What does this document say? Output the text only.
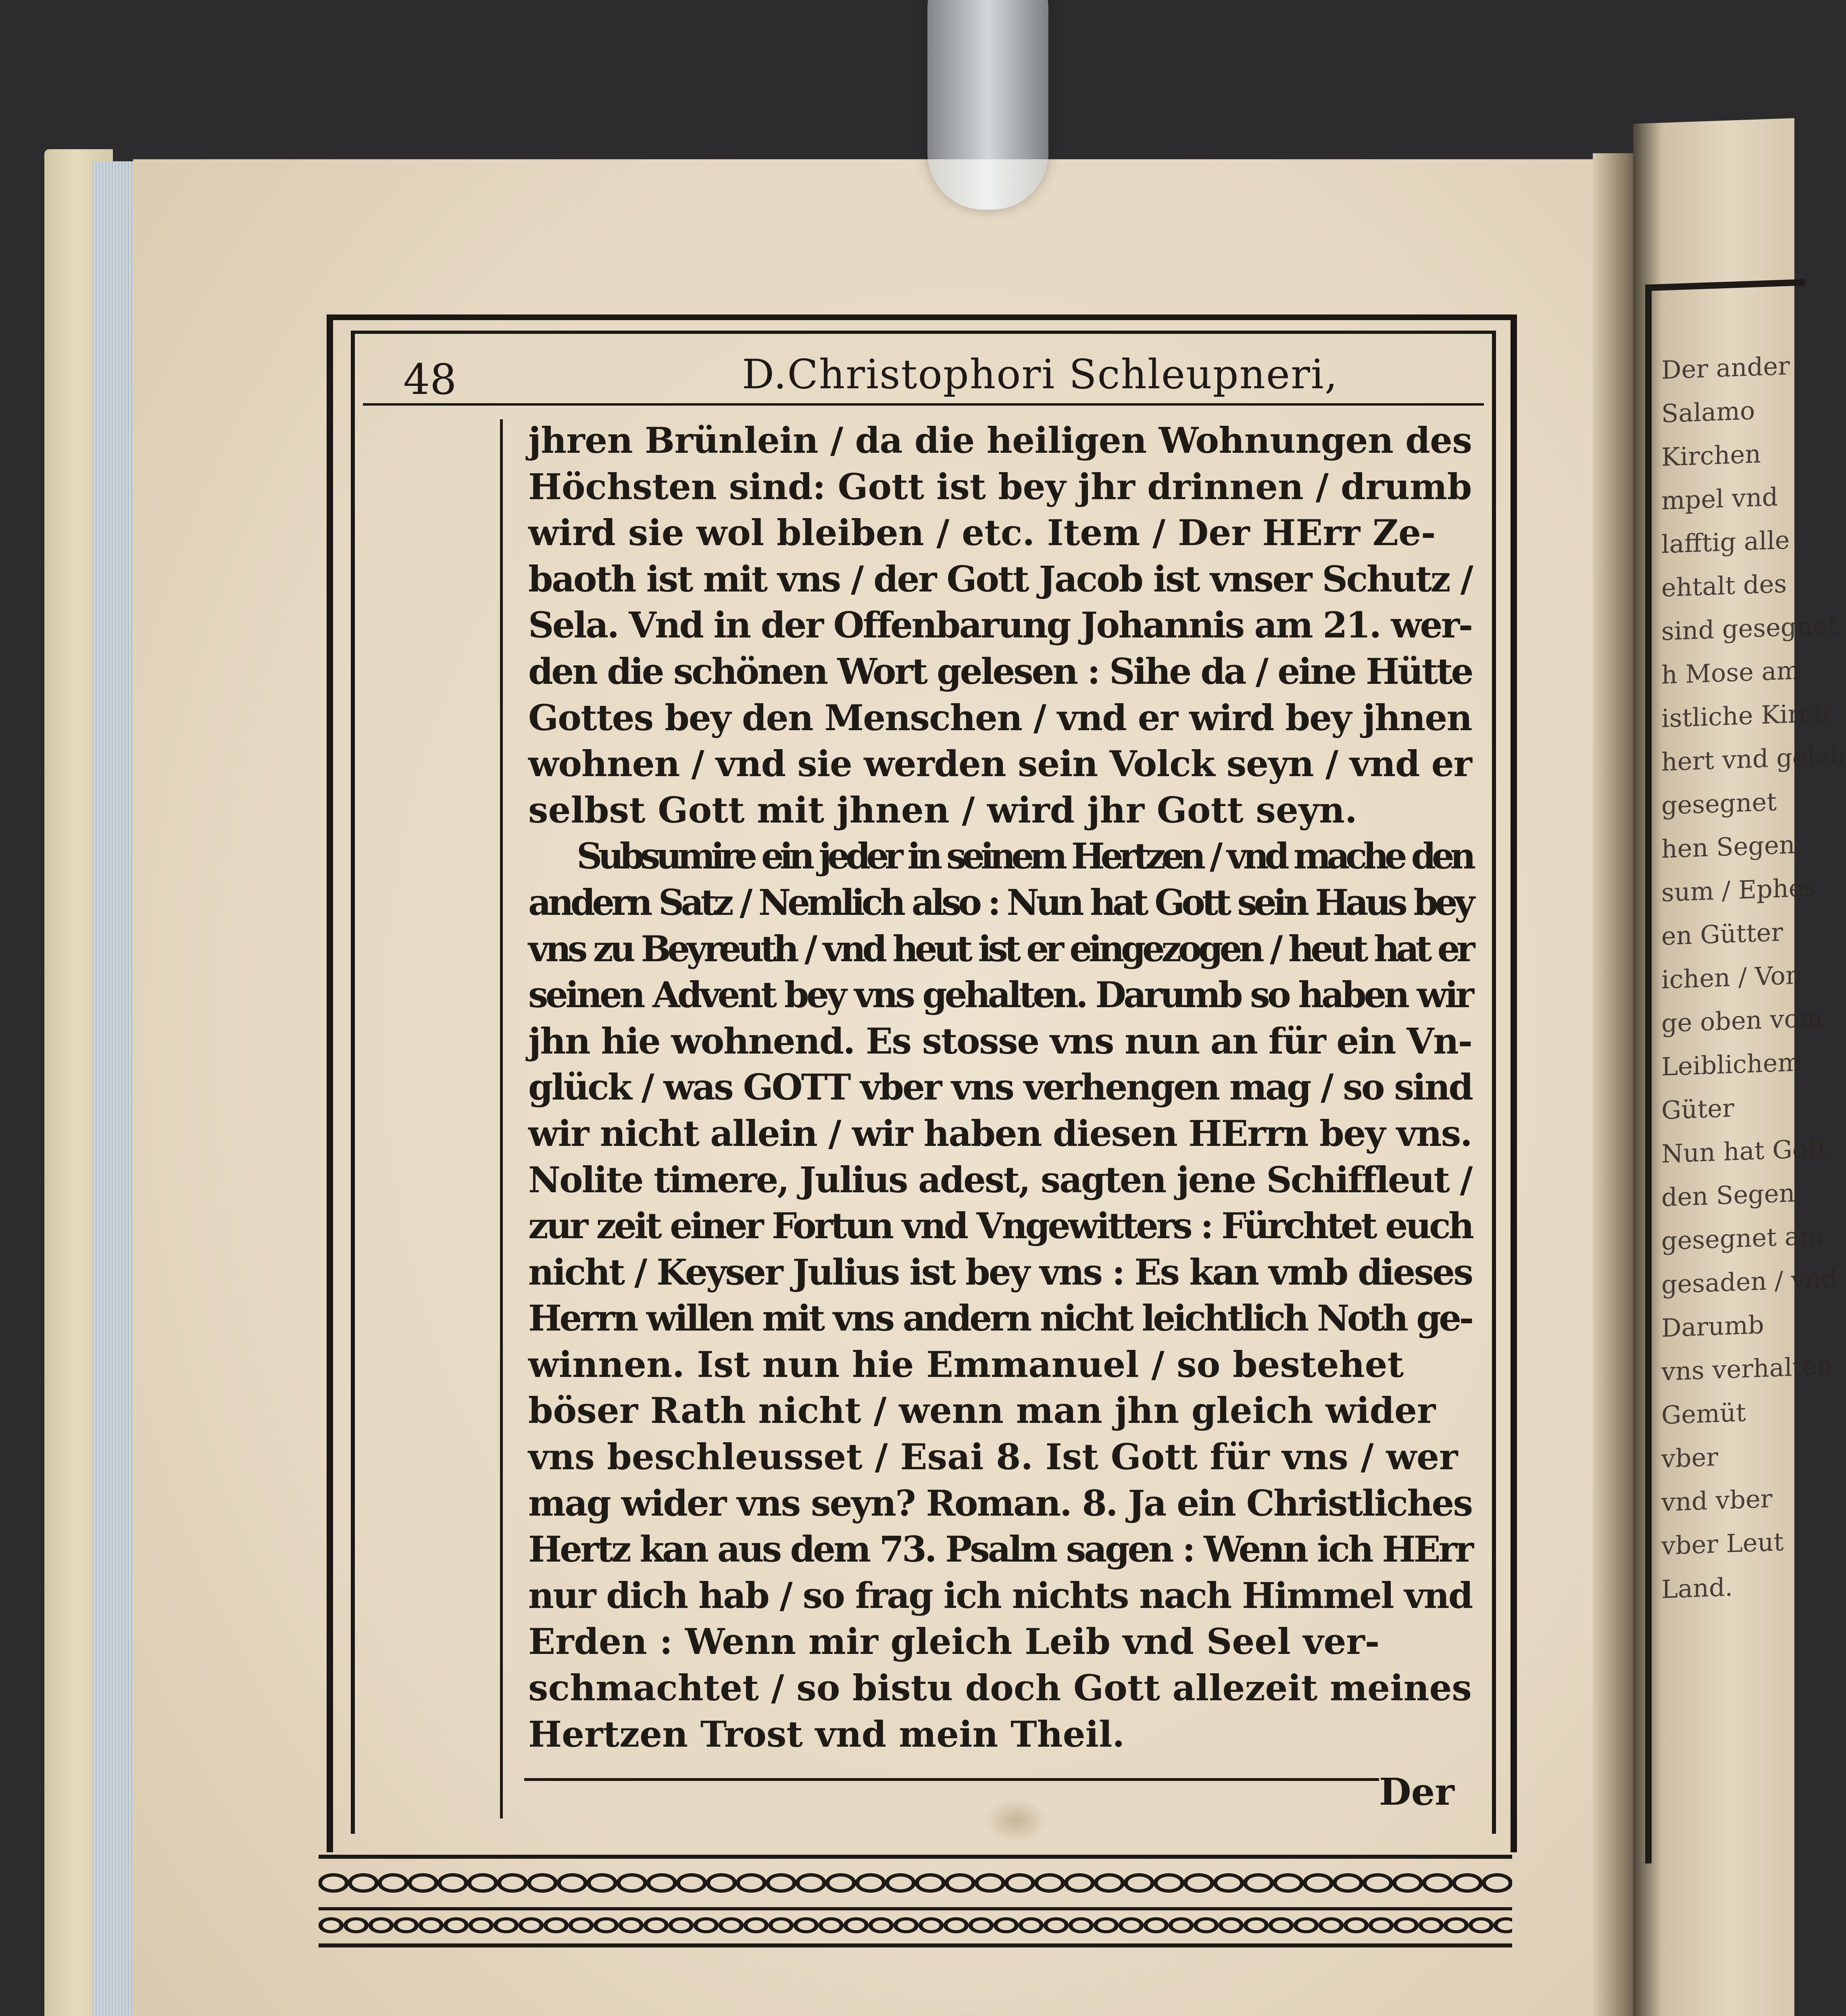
Der ander
Salamo
Kirchen
mpel vnd
lafftig alle
ehtalt des
sind gesegnet
h Mose am
istliche Kirch
hert vnd geleh
gesegnet
hen Segen
sum / Ephes
en Gütter
ichen / Von
ge oben vom
Leiblichem
Güter
Nun hat Gott
den Segen
gesegnet am
gesaden / vnd
Darumb
vns verhalten
Gemüt
vber
vnd vber
vber Leut
Land.
48	D.Christophori Schleupneri,
jhren Brünlein / da die heiligen Wohnungen des
Höchsten sind: Gott ist bey jhr drinnen / drumb
wird sie wol bleiben / etc. Item / Der HErr Ze-
baoth ist mit vns / der Gott Jacob ist vnser Schutz /
Sela. Vnd in der Offenbarung Johannis am 21. wer-
den die schönen Wort gelesen : Sihe da / eine Hütte
Gottes bey den Menschen / vnd er wird bey jhnen
wohnen / vnd sie werden sein Volck seyn / vnd er
selbst Gott mit jhnen / wird jhr Gott seyn.
Subsumire ein jeder in seinem Hertzen / vnd mache den
andern Satz / Nemlich also : Nun hat Gott sein Haus bey
vns zu Beyreuth / vnd heut ist er eingezogen / heut hat er
seinen Advent bey vns gehalten. Darumb so haben wir
jhn hie wohnend. Es stosse vns nun an für ein Vn-
glück / was GOTT vber vns verhengen mag / so sind
wir nicht allein / wir haben diesen HErrn bey vns.
Nolite timere, Julius adest, sagten jene Schiffleut /
zur zeit einer Fortun vnd Vngewitters : Fürchtet euch
nicht / Keyser Julius ist bey vns : Es kan vmb dieses
Herrn willen mit vns andern nicht leichtlich Noth ge-
winnen. Ist nun hie Emmanuel / so bestehet
böser Rath nicht / wenn man jhn gleich wider
vns beschleusset / Esai 8. Ist Gott für vns / wer
mag wider vns seyn? Roman. 8. Ja ein Christliches
Hertz kan aus dem 73. Psalm sagen : Wenn ich HErr
nur dich hab / so frag ich nichts nach Himmel vnd
Erden : Wenn mir gleich Leib vnd Seel ver-
schmachtet / so bistu doch Gott allezeit meines
Hertzen Trost vnd mein Theil.
Der
